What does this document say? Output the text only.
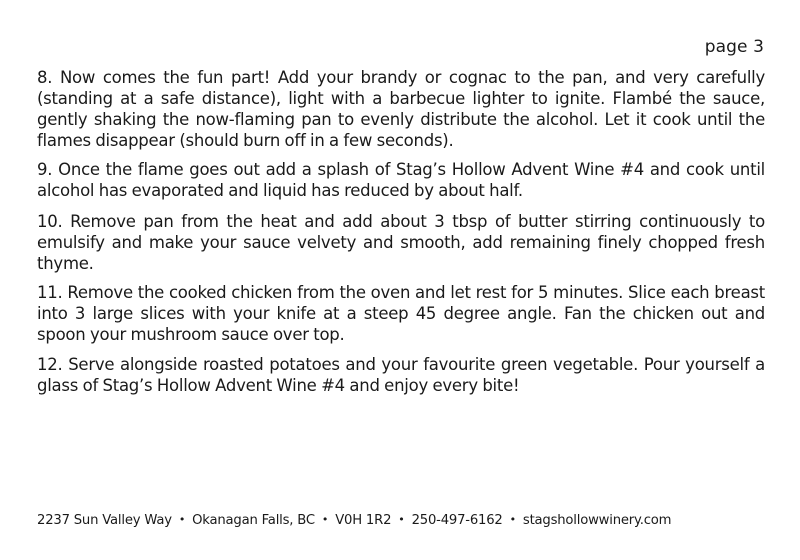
page 3

8. Now comes the fun part! Add your brandy or cognac to the pan, and very carefully (standing at a safe distance), light with a barbecue lighter to ignite. Flambé the sauce, gently shaking the now-flaming pan to evenly distribute the alcohol. Let it cook until the flames disappear (should burn off in a few seconds).

9. Once the flame goes out add a splash of Stag’s Hollow Advent Wine #4 and cook until alcohol has evaporated and liquid has reduced by about half.

10. Remove pan from the heat and add about 3 tbsp of butter stirring continuously to emulsify and make your sauce velvety and smooth, add remaining finely chopped fresh thyme.

11. Remove the cooked chicken from the oven and let rest for 5 minutes. Slice each breast into 3 large slices with your knife at a steep 45 degree angle. Fan the chicken out and spoon your mushroom sauce over top.

12. Serve alongside roasted potatoes and your favourite green vegetable. Pour yourself a glass of Stag’s Hollow Advent Wine #4 and enjoy every bite!

2237 Sun Valley Way • Okanagan Falls, BC • V0H 1R2 • 250-497-6162 • stagshollowwinery.com
